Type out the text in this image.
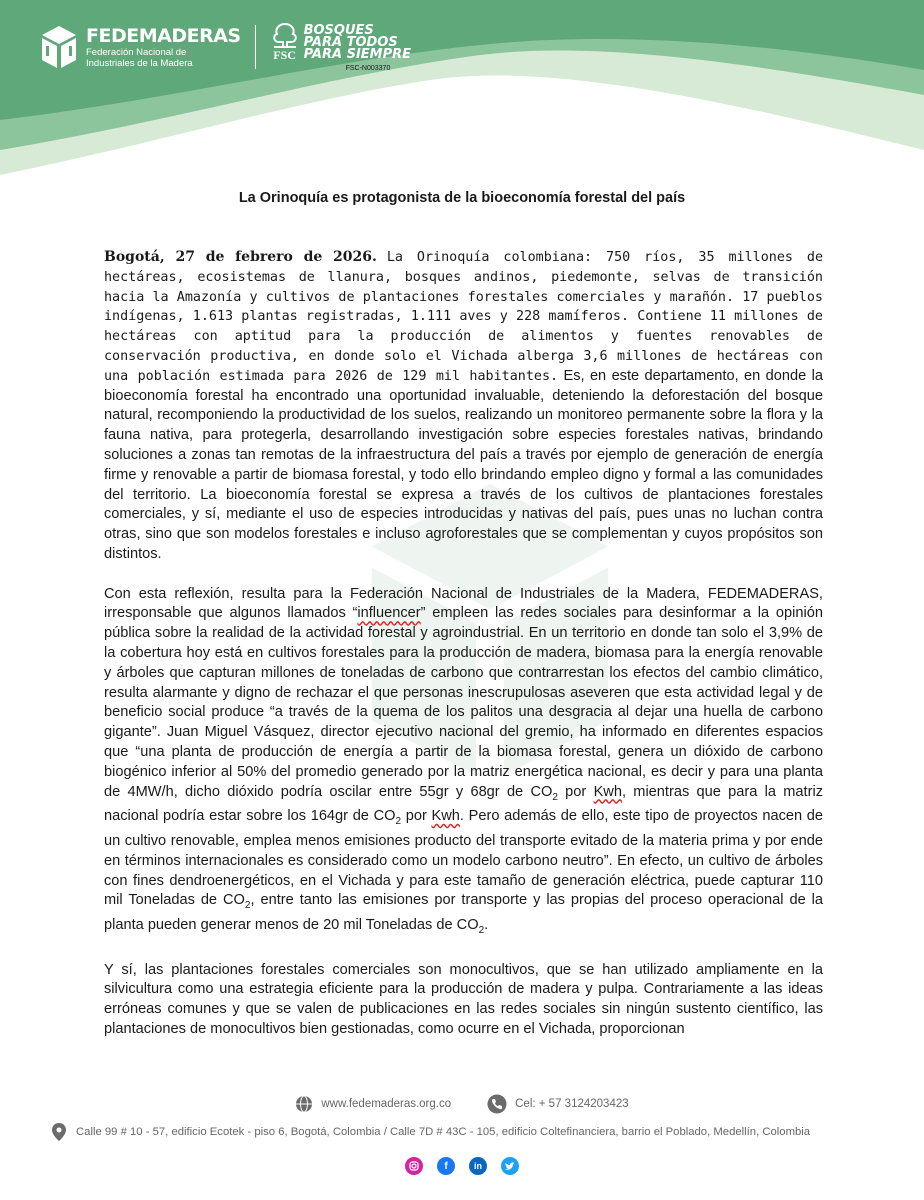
FEDEMADERAS
Federación Nacional de
Industriales de la Madera
FSC
BOSQUES
PARA TODOS
PARA SIEMPRE
FSC-N003370
La Orinoquía es protagonista de la bioeconomía forestal del país

Bogotá, 27 de febrero de 2026. La Orinoquía colombiana: 750 ríos, 35 millones de hectáreas, ecosistemas de llanura, bosques andinos, piedemonte, selvas de transición hacia la Amazonía y cultivos de plantaciones forestales comerciales y marañón. 17 pueblos indígenas, 1.613 plantas registradas, 1.111 aves y 228 mamíferos. Contiene 11 millones de hectáreas con aptitud para la producción de alimentos y fuentes renovables de conservación productiva, en donde solo el Vichada alberga 3,6 millones de hectáreas con una población estimada para 2026 de 129 mil habitantes. Es, en este departamento, en donde la bioeconomía forestal ha encontrado una oportunidad invaluable, deteniendo la deforestación del bosque natural, recomponiendo la productividad de los suelos, realizando un monitoreo permanente sobre la flora y la fauna nativa, para protegerla, desarrollando investigación sobre especies forestales nativas, brindando soluciones a zonas tan remotas de la infraestructura del país a través por ejemplo de generación de energía firme y renovable a partir de biomasa forestal, y todo ello brindando empleo digno y formal a las comunidades del territorio. La bioeconomía forestal se expresa a través de los cultivos de plantaciones forestales comerciales, y sí, mediante el uso de especies introducidas y nativas del país, pues unas no luchan contra otras, sino que son modelos forestales e incluso agroforestales que se complementan y cuyos propósitos son distintos.

Con esta reflexión, resulta para la Federación Nacional de Industriales de la Madera, FEDEMADERAS, irresponsable que algunos llamados “influencer” empleen las redes sociales para desinformar a la opinión pública sobre la realidad de la actividad forestal y agroindustrial. En un territorio en donde tan solo el 3,9% de la cobertura hoy está en cultivos forestales para la producción de madera, biomasa para la energía renovable y árboles que capturan millones de toneladas de carbono que contrarrestan los efectos del cambio climático, resulta alarmante y digno de rechazar el que personas inescrupulosas aseveren que esta actividad legal y de beneficio social produce “a través de la quema de los palitos una desgracia al dejar una huella de carbono gigante”. Juan Miguel Vásquez, director ejecutivo nacional del gremio, ha informado en diferentes espacios que “una planta de producción de energía a partir de la biomasa forestal, genera un dióxido de carbono biogénico inferior al 50% del promedio generado por la matriz energética nacional, es decir y para una planta de 4MW/h, dicho dióxido podría oscilar entre 55gr y 68gr de $CO_2$ por Kwh, mientras que para la matriz nacional podría estar sobre los 164gr de $CO_2$ por Kwh. Pero además de ello, este tipo de proyectos nacen de un cultivo renovable, emplea menos emisiones producto del transporte evitado de la materia prima y por ende en términos internacionales es considerado como un modelo carbono neutro”. En efecto, un cultivo de árboles con fines dendroenergéticos, en el Vichada y para este tamaño de generación eléctrica, puede capturar 110 mil Toneladas de $CO_2$, entre tanto las emisiones por transporte y las propias del proceso operacional de la planta pueden generar menos de 20 mil Toneladas de $CO_2$.

Y sí, las plantaciones forestales comerciales son monocultivos, que se han utilizado ampliamente en la silvicultura como una estrategia eficiente para la producción de madera y pulpa. Contrariamente a las ideas erróneas comunes y que se valen de publicaciones en las redes sociales sin ningún sustento científico, las plantaciones de monocultivos bien gestionadas, como ocurre en el Vichada, proporcionan

www.fedemaderas.org.co	Cel: + 57 3124203423
Calle 99 # 10 - 57, edificio Ecotek - piso 6, Bogotá, Colombia / Calle 7D # 43C - 105, edificio Coltefinanciera, barrio el Poblado, Medellín, Colombia
f	in
